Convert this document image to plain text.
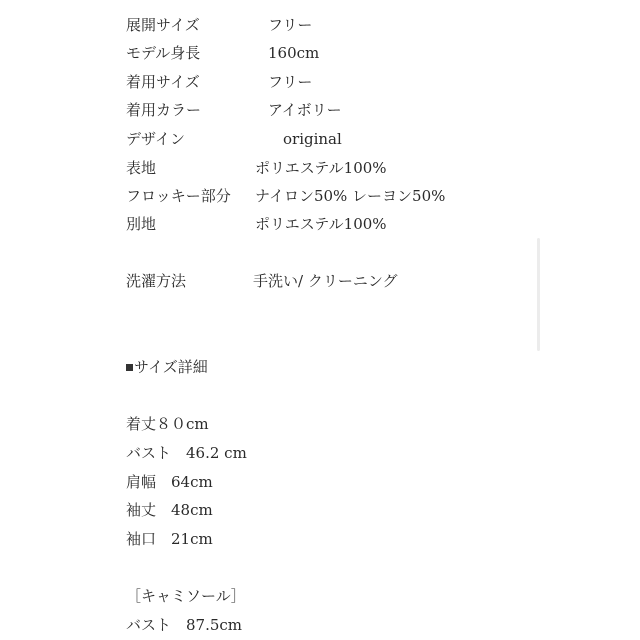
展開サイズ	フリー
モデル身長	160cm
着用サイズ	フリー
着用カラー	アイボリー
デザイン	original
表地	ポリエステル100%
フロッキー部分 ナイロン50% レーヨン50%
別地	ポリエステル100%
洗濯方法	手洗い/ クリーニング
サイズ詳細
着丈８０cm
バスト　46.2 cm
肩幅　64cm
袖丈　48cm
袖口　21cm
［キャミソール］
バスト　87.5cm
